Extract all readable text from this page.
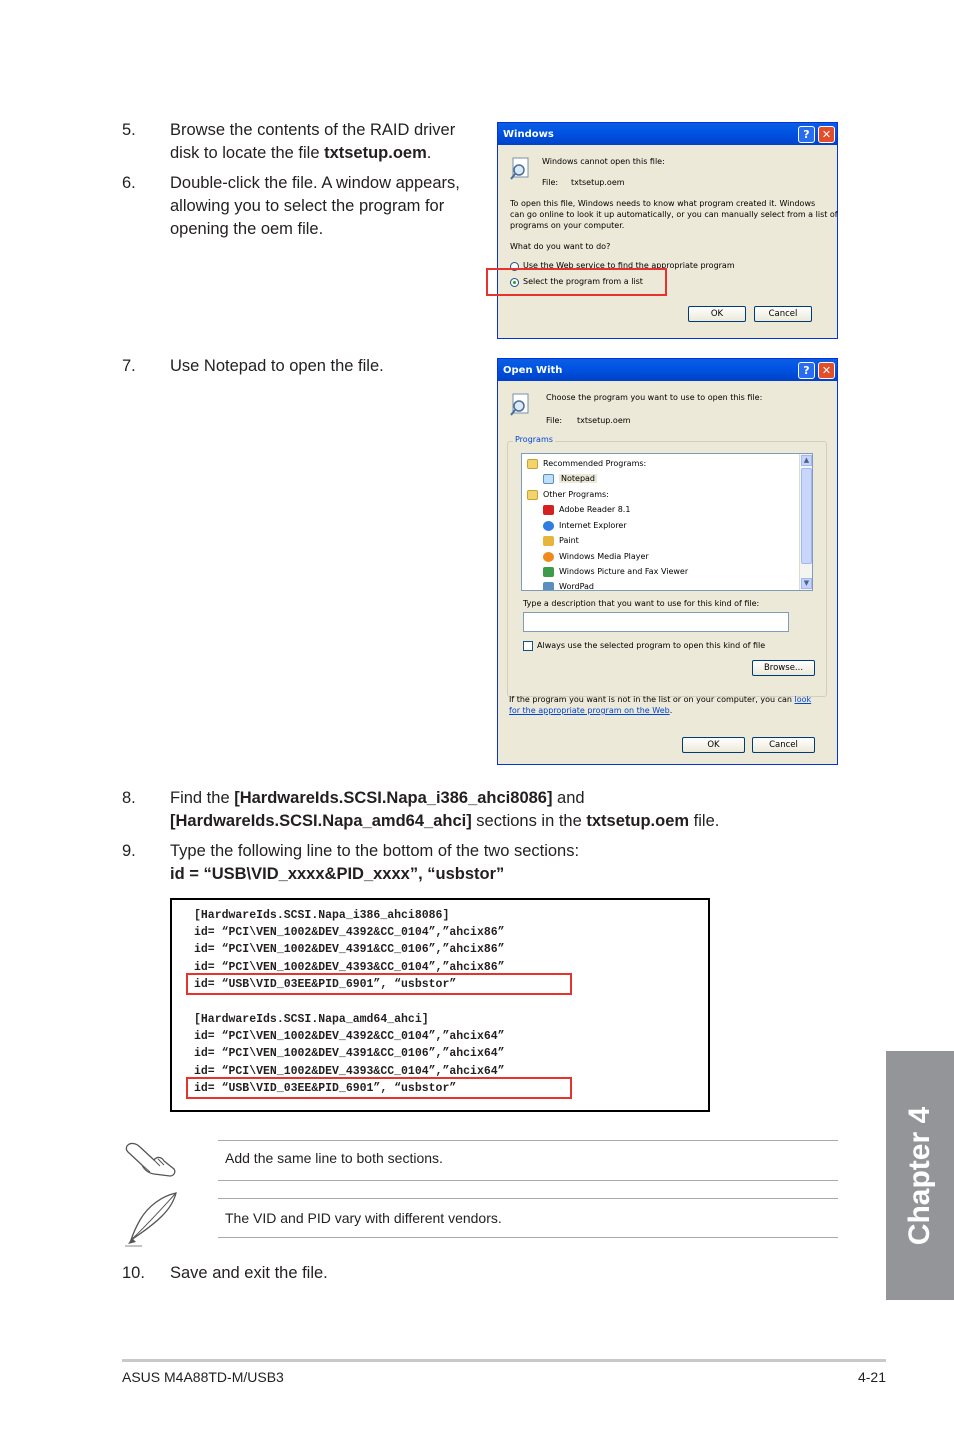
5.	Browse the contents of the RAID driver
disk to locate the file txtsetup.oem.
6.	Double-click the file. A window appears,
allowing you to select the program for
opening the oem file.
Windows	?	✕
Windows cannot open this file:
File: txtsetup.oem
To open this file, Windows needs to know what program created it. Windows
can go online to look it up automatically, or you can manually select from a list of
programs on your computer.
What do you want to do?
Use the Web service to find the appropriate program
Select the program from a list
OK	Cancel
7.	Use Notepad to open the file.	Open With	?	✕
Choose the program you want to use to open this file:
File: txtsetup.oem
Programs
Recommended Programs:
Notepad
Other Programs:
Adobe Reader 8.1
Internet Explorer
Paint
Windows Media Player
Windows Picture and Fax Viewer
WordPad
▲
▼
Type a description that you want to use for this kind of file:
Always use the selected program to open this kind of file
Browse...
If the program you want is not in the list or on your computer, you can look
for the appropriate program on the Web.
OK	Cancel
8.	Find the [HardwareIds.SCSI.Napa_i386_ahci8086] and
[HardwareIds.SCSI.Napa_amd64_ahci] sections in the txtsetup.oem file.
9.	Type the following line to the bottom of the two sections:
id = “USB\VID_xxxx&PID_xxxx”, “usbstor”
[HardwareIds.SCSI.Napa_i386_ahci8086]
id= “PCI\VEN_1002&DEV_4392&CC_0104”,”ahcix86”
id= “PCI\VEN_1002&DEV_4391&CC_0106”,”ahcix86”
id= “PCI\VEN_1002&DEV_4393&CC_0104”,”ahcix86”
id= “USB\VID_03EE&PID_6901”, “usbstor”
[HardwareIds.SCSI.Napa_amd64_ahci]
id= “PCI\VEN_1002&DEV_4392&CC_0104”,”ahcix64”
id= “PCI\VEN_1002&DEV_4391&CC_0106”,”ahcix64”
id= “PCI\VEN_1002&DEV_4393&CC_0104”,”ahcix64”
id= “USB\VID_03EE&PID_6901”, “usbstor”
Add the same line to both sections.
The VID and PID vary with different vendors.
10.	Save and exit the file.
Chapter 4
ASUS M4A88TD-M/USB3	4-21
